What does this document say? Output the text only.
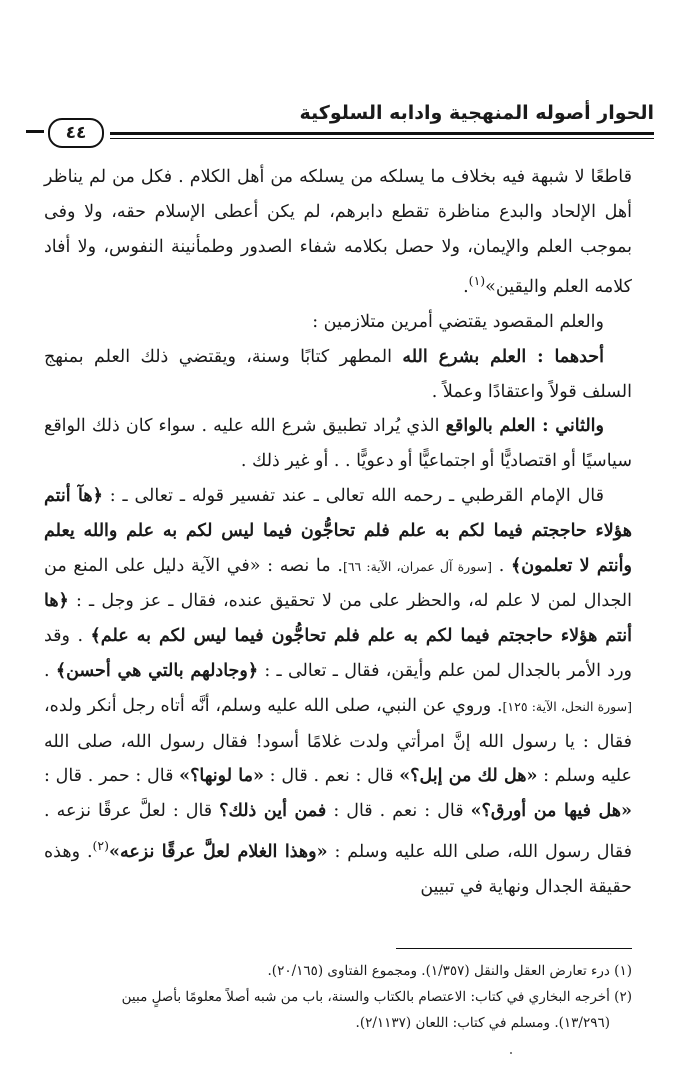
الحوار أصوله المنهجية وادابه السلوكية
٤٤

قاطعًا لا شبهة فيه بخلاف ما يسلكه من يسلكه من أهل الكلام . فكل من لم يناظر أهل الإلحاد والبدع مناظرة تقطع دابرهم، لم يكن أعطى الإسلام حقه، ولا وفى بموجب العلم والإيمان، ولا حصل بكلامه شفاء الصدور وطمأنينة النفوس، ولا أفاد كلامه العلم واليقين»$^{(١)}$.

والعلم المقصود يقتضي أمرين متلازمين :

أحدهما : العلم بشرع الله المطهر كتابًا وسنة، ويقتضي ذلك العلم بمنهج السلف قولاً واعتقادًا وعملاً .

والثاني : العلم بالواقع الذي يُراد تطبيق شرع الله عليه . سواء كان ذلك الواقع سياسيًا أو اقتصاديًّا أو اجتماعيًّا أو دعويًّا . . أو غير ذلك .

قال الإمام القرطبي ـ رحمه الله تعالى ـ عند تفسير قوله ـ تعالى ـ : ﴿هآ أنتم هؤلاء حاججتم فيما لكم به علم فلم تحاجُّون فيما ليس لكم به علم والله يعلم وأنتم لا تعلمون﴾ . [سورة آل عمران، الآية: ٦٦]. ما نصه : «في الآية دليل على المنع من الجدال لمن لا علم له، والحظر على من لا تحقيق عنده، فقال ـ عز وجل ـ : ﴿ها أنتم هؤلاء حاججتم فيما لكم به علم فلم تحاجُّون فيما ليس لكم به علم﴾ . وقد ورد الأمر بالجدال لمن علم وأيقن، فقال ـ تعالى ـ : ﴿وجادلهم بالتي هي أحسن﴾ . [سورة النحل، الآية: ١٢٥]. وروي عن النبي، صلى الله عليه وسلم، أنَّه أتاه رجل أنكر ولده، فقال : يا رسول الله إنَّ امرأتي ولدت غلامًا أسود! فقال رسول الله، صلى الله عليه وسلم : «هل لك من إبل؟» قال : نعم . قال : «ما لونها؟» قال : حمر . قال : «هل فيها من أورق؟» قال : نعم . قال : فمن أين ذلك؟ قال : لعلَّ عرقًا نزعه . فقال رسول الله، صلى الله عليه وسلم : «وهذا الغلام لعلَّ عرقًا نزعه»$^{(٢)}$. وهذه حقيقة الجدال ونهاية في تبيين

(١) درء تعارض العقل والنقل (١/٣٥٧). ومجموع الفتاوى (٢٠/١٦٥).

(٢) أخرجه البخاري في كتاب: الاعتصام بالكتاب والسنة، باب من شبه أصلاً معلومًا بأصلٍ مبين

(١٣/٢٩٦). ومسلم في كتاب: اللعان (٢/١١٣٧).
